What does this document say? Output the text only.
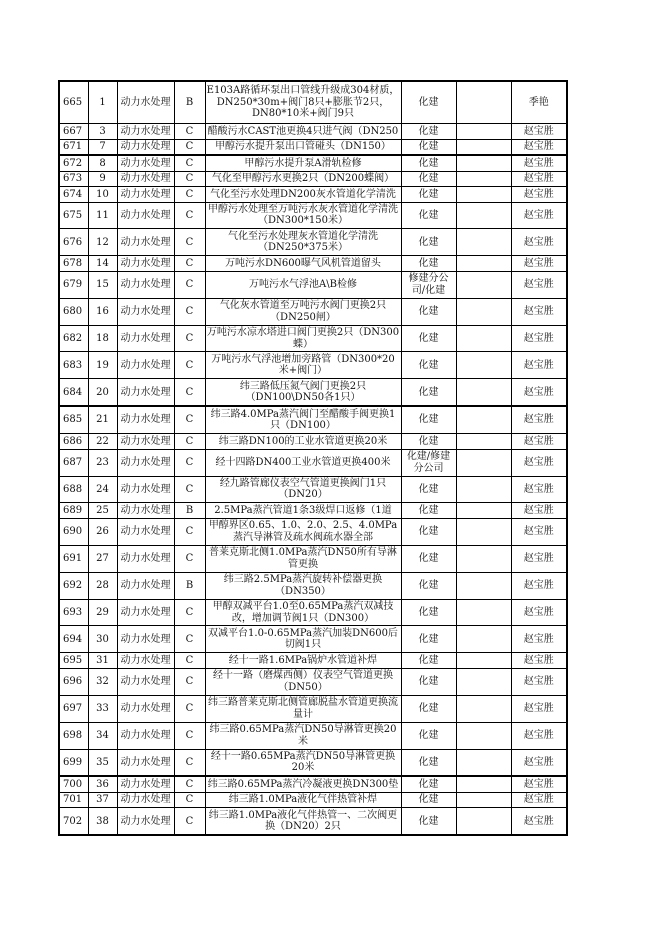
665	1	动力水处理	B	E103A路循环泵出口管线升级成304材质，DN250*30m+阀门8只+膨胀节2只，DN80*10米+阀门9只	化建		季艳
667	3	动力水处理	C	醋酸污水CAST池更换4只进气阀（DN250	化建		赵宝胜
671	7	动力水处理	C	甲醇污水提升泵出口管碰头（DN150）	化建		赵宝胜
672	8	动力水处理	C	甲醇污水提升泵A滑轨检修	化建		赵宝胜
673	9	动力水处理	C	气化至甲醇污水更换2只（DN200蝶阀）	化建		赵宝胜
674	10	动力水处理	C	气化至污水处理DN200灰水管道化学清洗	化建		赵宝胜
675	11	动力水处理	C	甲醇污水处理至万吨污水灰水管道化学清洗（DN300*150米）	化建		赵宝胜
676	12	动力水处理	C	气化至污水处理灰水管道化学清洗（DN250*375米）	化建		赵宝胜
678	14	动力水处理	C	万吨污水DN600曝气风机管道留头	化建		赵宝胜
679	15	动力水处理	C	万吨污水气浮池A\B检修	修建分公司/化建		赵宝胜
680	16	动力水处理	C	气化灰水管道至万吨污水阀门更换2只（DN250闸）	化建		赵宝胜
682	18	动力水处理	C	万吨污水凉水塔进口阀门更换2只（DN300蝶）	化建		赵宝胜
683	19	动力水处理	C	万吨污水气浮池增加旁路管（DN300*20米+阀门）	化建		赵宝胜
684	20	动力水处理	C	纬三路低压氮气阀门更换2只（DN100\DN50各1只）	化建		赵宝胜
685	21	动力水处理	C	纬三路4.0MPa蒸汽阀门至醋酸手阀更换1只（DN100）	化建		赵宝胜
686	22	动力水处理	C	纬三路DN100的工业水管道更换20米	化建		赵宝胜
687	23	动力水处理	C	经十四路DN400工业水管道更换400米	化建/修建分公司		赵宝胜
688	24	动力水处理	C	经九路管廊仪表空气管道更换阀门1只（DN20）	化建		赵宝胜
689	25	动力水处理	B	2.5MPa蒸汽管道1条3级焊口返修（1道	化建		赵宝胜
690	26	动力水处理	C	甲醇界区0.65、1.0、2.0、2.5、4.0MPa蒸汽导淋管及疏水阀疏水器全部	化建		赵宝胜
691	27	动力水处理	C	普莱克斯北侧1.0MPa蒸汽DN50所有导淋管更换	化建		赵宝胜
692	28	动力水处理	B	纬三路2.5MPa蒸汽旋转补偿器更换（DN350）	化建		赵宝胜
693	29	动力水处理	C	甲醇双减平台1.0至0.65MPa蒸汽双减技改，增加调节阀1只（DN300）	化建		赵宝胜
694	30	动力水处理	C	双减平台1.0-0.65MPa蒸汽加装DN600后切阀1只	化建		赵宝胜
695	31	动力水处理	C	经十一路1.6MPa锅炉水管道补焊	化建		赵宝胜
696	32	动力水处理	C	经十一路（磨煤西侧）仪表空气管道更换（DN50）	化建		赵宝胜
697	33	动力水处理	C	纬三路普莱克斯北侧管廊脱盐水管道更换流量计	化建		赵宝胜
698	34	动力水处理	C	纬三路0.65MPa蒸汽DN50导淋管更换20米	化建		赵宝胜
699	35	动力水处理	C	经十一路0.65MPa蒸汽DN50导淋管更换20米	化建		赵宝胜
700	36	动力水处理	C	纬三路0.65MPa蒸汽冷凝液更换DN300垫	化建		赵宝胜
701	37	动力水处理	C	纬三路1.0MPa液化气伴热管补焊	化建		赵宝胜
702	38	动力水处理	C	纬三路1.0MPa液化气伴热管一、二次阀更换（DN20）2只	化建		赵宝胜
